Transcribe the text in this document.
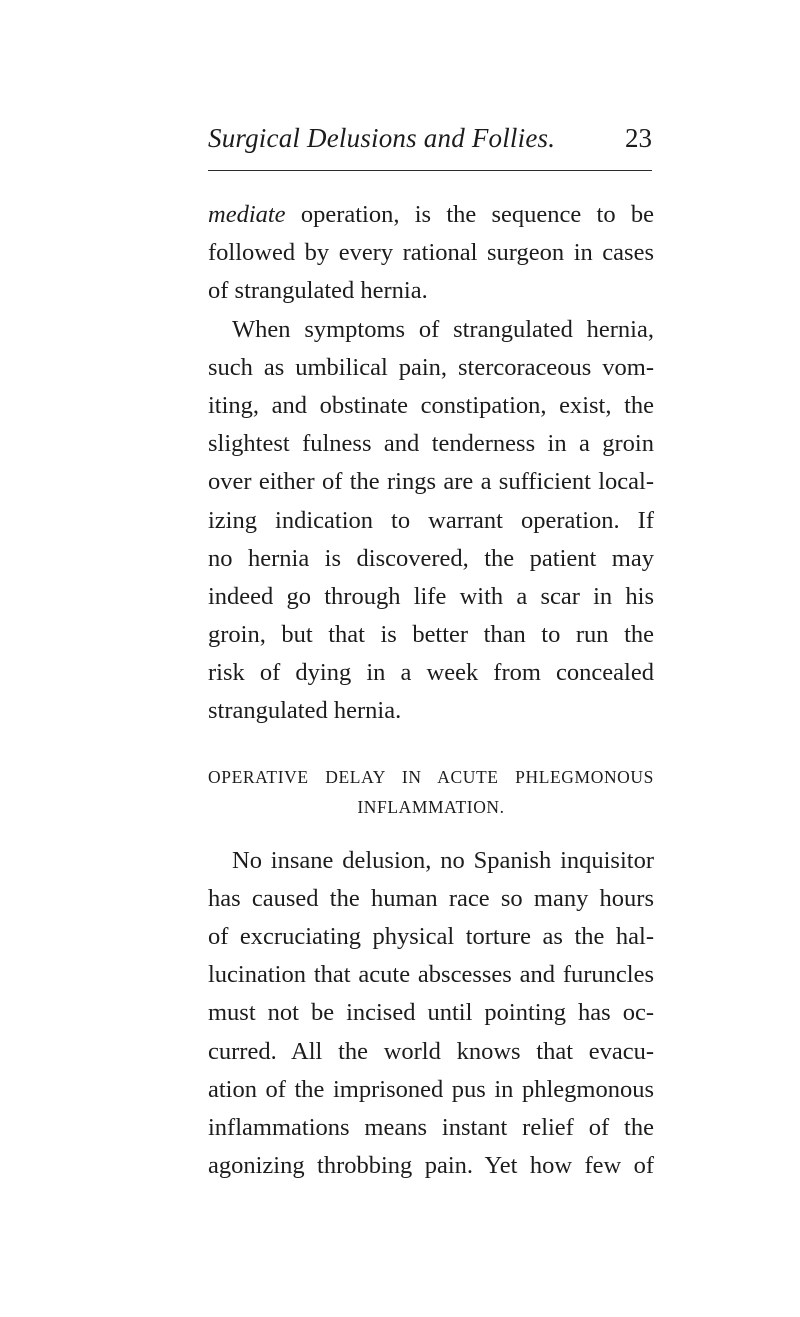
Surgical Delusions and Follies.	23
mediate operation, is the sequence to be
followed by every rational surgeon in cases
of strangulated hernia.
When symptoms of strangulated hernia,
such as umbilical pain, stercoraceous vom-
iting, and obstinate constipation, exist, the
slightest fulness and tenderness in a groin
over either of the rings are a sufficient local-
izing indication to warrant operation. If
no hernia is discovered, the patient may
indeed go through life with a scar in his
groin, but that is better than to run the
risk of dying in a week from concealed
strangulated hernia.
OPERATIVE DELAY IN ACUTE PHLEGMONOUS
INFLAMMATION.
No insane delusion, no Spanish inquisitor
has caused the human race so many hours
of excruciating physical torture as the hal-
lucination that acute abscesses and furuncles
must not be incised until pointing has oc-
curred. All the world knows that evacu-
ation of the imprisoned pus in phlegmonous
inflammations means instant relief of the
agonizing throbbing pain. Yet how few of
